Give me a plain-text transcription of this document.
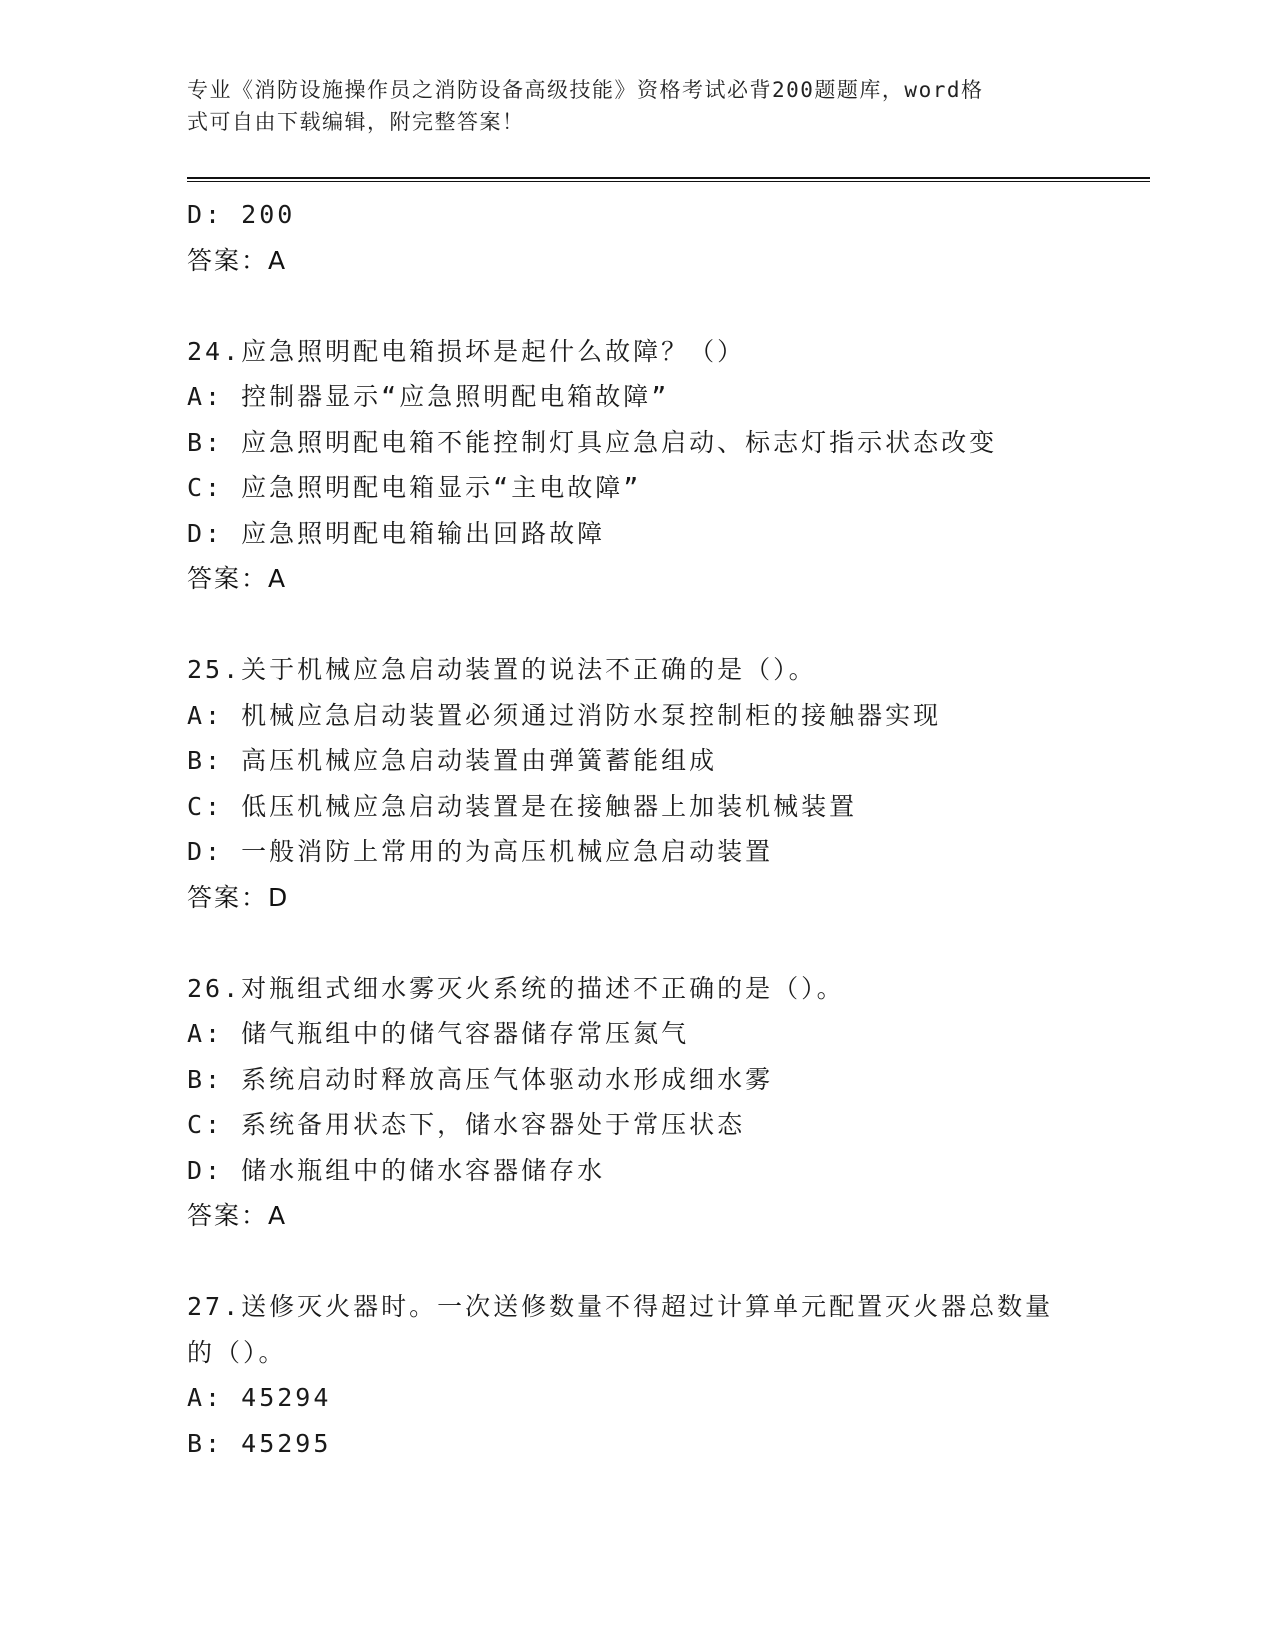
专业《消防设施操作员之消防设备高级技能》资格考试必背200题题库，word格
式可自由下载编辑，附完整答案！
D: 200
答案：A
24.应急照明配电箱损坏是起什么故障？（）
A: 控制器显示“应急照明配电箱故障”
B: 应急照明配电箱不能控制灯具应急启动、标志灯指示状态改变
C: 应急照明配电箱显示“主电故障”
D: 应急照明配电箱输出回路故障
答案：A
25.关于机械应急启动装置的说法不正确的是（）。
A: 机械应急启动装置必须通过消防水泵控制柜的接触器实现
B: 高压机械应急启动装置由弹簧蓄能组成
C: 低压机械应急启动装置是在接触器上加装机械装置
D: 一般消防上常用的为高压机械应急启动装置
答案：D
26.对瓶组式细水雾灭火系统的描述不正确的是（）。
A: 储气瓶组中的储气容器储存常压氮气
B: 系统启动时释放高压气体驱动水形成细水雾
C: 系统备用状态下，储水容器处于常压状态
D: 储水瓶组中的储水容器储存水
答案：A
27.送修灭火器时。一次送修数量不得超过计算单元配置灭火器总数量
的（）。
A: 45294
B: 45295
